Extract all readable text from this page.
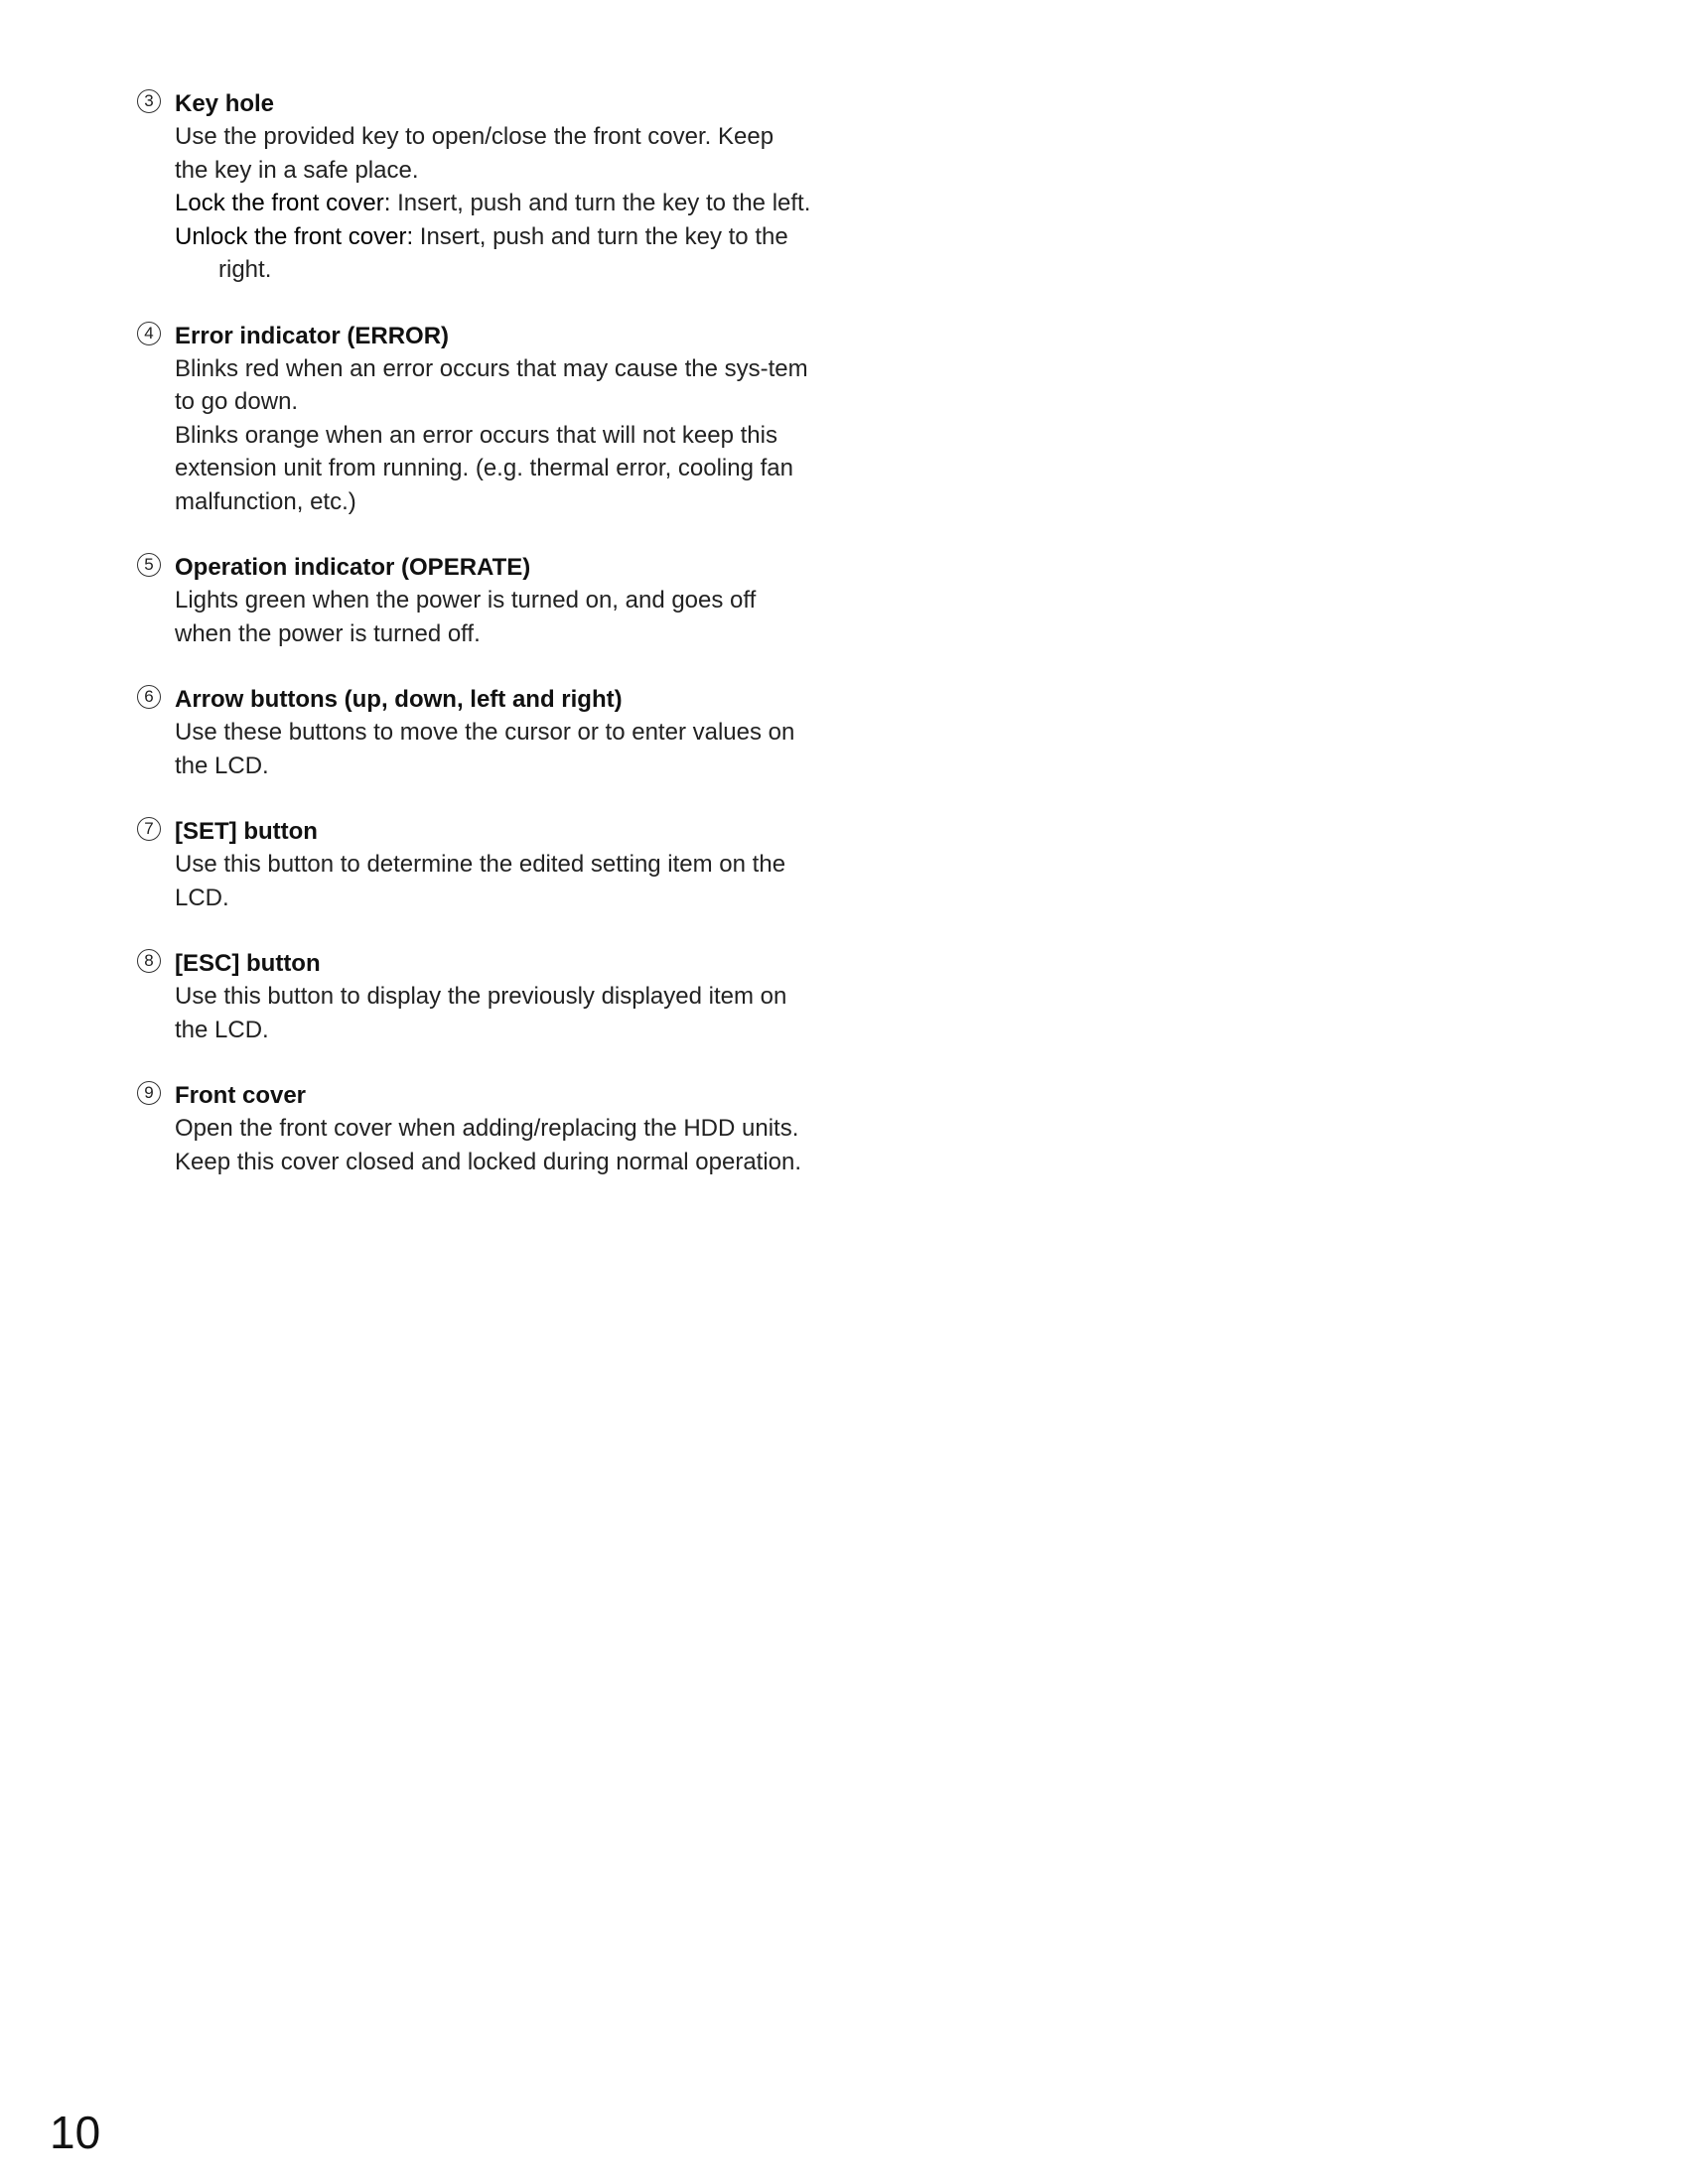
3 Key hole

Use the provided key to open/close the front cover. Keep the key in a safe place.

Lock the front cover: Insert, push and turn the key to the left.

Unlock the front cover: Insert, push and turn the key to the right.

4 Error indicator (ERROR)

Blinks red when an error occurs that may cause the sys-tem to go down.

Blinks orange when an error occurs that will not keep this extension unit from running. (e.g. thermal error, cooling fan malfunction, etc.)

5 Operation indicator (OPERATE)

Lights green when the power is turned on, and goes off when the power is turned off.

6 Arrow buttons (up, down, left and right)

Use these buttons to move the cursor or to enter values on the LCD.

7 [SET] button

Use this button to determine the edited setting item on the LCD.

8 [ESC] button

Use this button to display the previously displayed item on the LCD.

9 Front cover

Open the front cover when adding/replacing the HDD units. Keep this cover closed and locked during normal operation.

10
